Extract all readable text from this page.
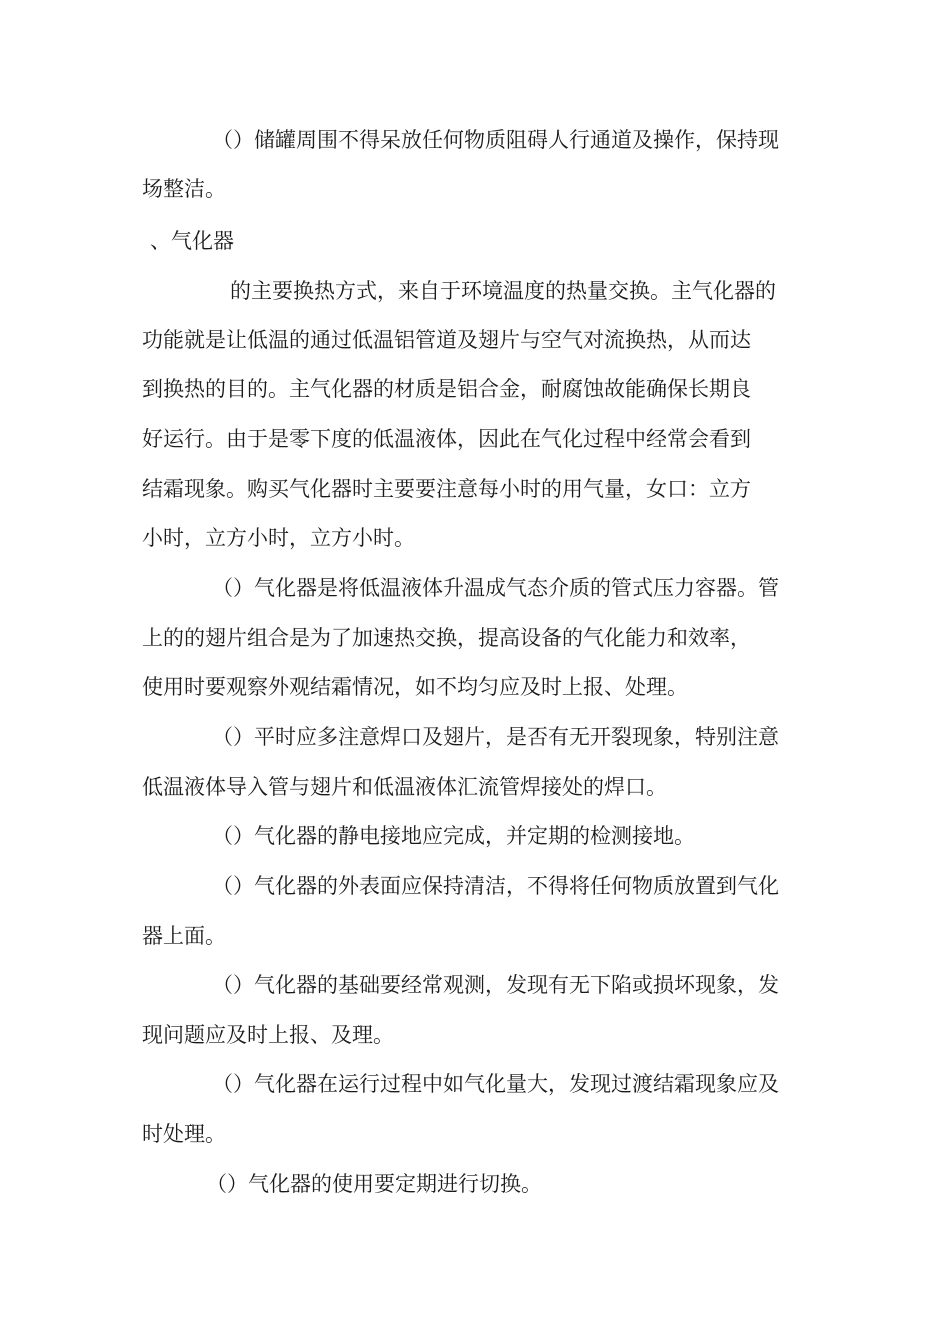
（）储罐周围不得呆放任何物质阻碍人行通道及操作，保持现

场整洁。

、气化器

的主要换热方式，来自于环境温度的热量交换。主气化器的

功能就是让低温的通过低温铝管道及翅片与空气对流换热，从而达

到换热的目的。主气化器的材质是铝合金，耐腐蚀故能确保长期良

好运行。由于是零下度的低温液体，因此在气化过程中经常会看到

结霜现象。购买气化器时主要要注意每小时的用气量，女口：立方

小时，立方小时，立方小时。

（）气化器是将低温液体升温成气态介质的管式压力容器。管

上的的翅片组合是为了加速热交换，提高设备的气化能力和效率，

使用时要观察外观结霜情况，如不均匀应及时上报、处理。

（）平时应多注意焊口及翅片，是否有无开裂现象，特别注意

低温液体导入管与翅片和低温液体汇流管焊接处的焊口。

（）气化器的静电接地应完成，并定期的检测接地。

（）气化器的外表面应保持清洁，不得将任何物质放置到气化

器上面。

（）气化器的基础要经常观测，发现有无下陷或损坏现象，发

现问题应及时上报、及理。

（）气化器在运行过程中如气化量大，发现过渡结霜现象应及

时处理。

（）气化器的使用要定期进行切换。
